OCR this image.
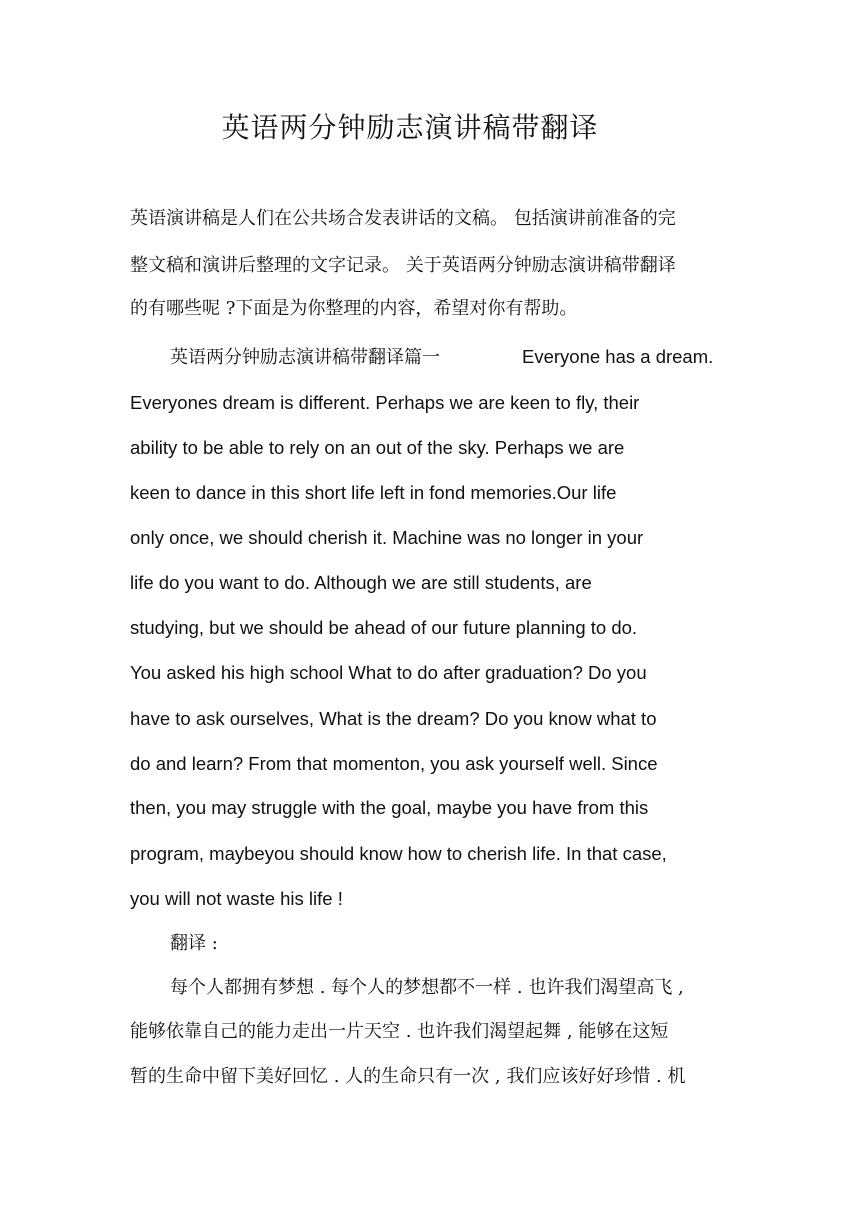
英语两分钟励志演讲稿带翻译
英语演讲稿是人们在公共场合发表讲话的文稿。 包括演讲前准备的完
整文稿和演讲后整理的文字记录。 关于英语两分钟励志演讲稿带翻译
的有哪些呢 ?下面是为你整理的内容，希望对你有帮助。
英语两分钟励志演讲稿带翻译篇一	Everyone has a dream.
Everyones dream is different. Perhaps we are keen to fly, their
ability to be able to rely on an out of the sky. Perhaps we are
keen to dance in this short life left in fond memories.Our life
only once, we should cherish it. Machine was no longer in your
life do you want to do. Although we are still students, are
studying, but we should be ahead of our future planning to do.
You asked his high school What to do after graduation? Do you
have to ask ourselves, What is the dream? Do you know what to
do and learn? From that momenton, you ask yourself well. Since
then, you may struggle with the goal, maybe you have from this
program, maybeyou should know how to cherish life. In that case,
you will not waste his life !
翻译 :
每个人都拥有梦想 . 每个人的梦想都不一样 . 也许我们渴望高飞 ,
能够依靠自己的能力走出一片天空 . 也许我们渴望起舞 , 能够在这短
暂的生命中留下美好回忆 . 人的生命只有一次 , 我们应该好好珍惜 . 机
